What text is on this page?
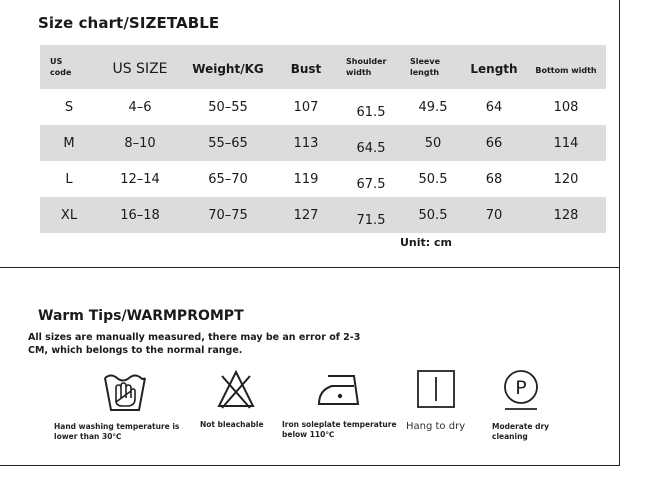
Size chart/SIZETABLE
US code	US SIZE	Weight/KG	Bust	Shoulder width	Sleeve length	Length	Bottom width
S	4–6	50–55	107	61.5	49.5	64	108
M	8–10	55–65	113	64.5	50	66	114
L	12–14	65–70	119	67.5	50.5	68	120
XL	16–18	70–75	127	71.5	50.5	70	128
Unit: cm
Warm Tips/WARMPROMPT
All sizes are manually measured, there may be an error of 2-3 CM, which belongs to the normal range.
Hand washing temperature is lower than 30℃
Not bleachable	Iron soleplate temperature below 110℃
Hang to dry
P
Moderate dry cleaning
